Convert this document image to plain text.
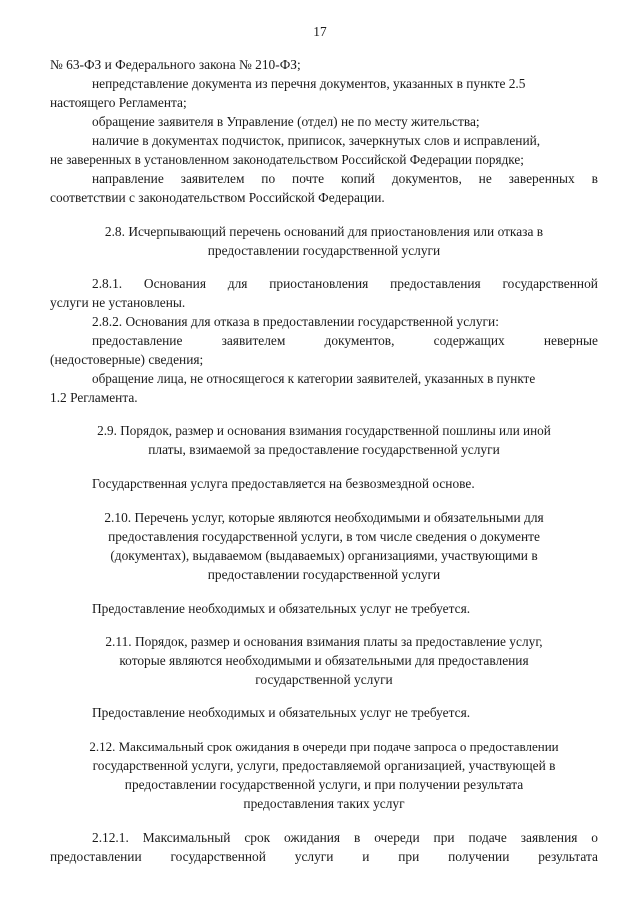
17
№ 63-ФЗ и Федерального закона № 210-ФЗ;
непредставление документа из перечня документов, указанных в пункте 2.5
настоящего Регламента;
обращение заявителя в Управление (отдел) не по месту жительства;
наличие в документах подчисток, приписок, зачеркнутых слов и исправлений,
не заверенных в установленном законодательством Российской Федерации порядке;
направление заявителем по почте копий документов, не заверенных в
соответствии с законодательством Российской Федерации.
2.8. Исчерпывающий перечень оснований для приостановления или отказа в
предоставлении государственной услуги
2.8.1. Основания для приостановления предоставления государственной
услуги не установлены.
2.8.2. Основания для отказа в предоставлении государственной услуги:
предоставление	заявителем	документов,	содержащих	неверные
(недостоверные) сведения;
обращение лица, не относящегося к категории заявителей, указанных в пункте
1.2 Регламента.
2.9. Порядок, размер и основания взимания государственной пошлины или иной
платы, взимаемой за предоставление государственной услуги
Государственная услуга предоставляется на безвозмездной основе.
2.10. Перечень услуг, которые являются необходимыми и обязательными для
предоставления государственной услуги, в том числе сведения о документе
(документах), выдаваемом (выдаваемых) организациями, участвующими в
предоставлении государственной услуги
Предоставление необходимых и обязательных услуг не требуется.
2.11. Порядок, размер и основания взимания платы за предоставление услуг,
которые являются необходимыми и обязательными для предоставления
государственной услуги
Предоставление необходимых и обязательных услуг не требуется.
2.12. Максимальный срок ожидания в очереди при подаче запроса о предоставлении
государственной услуги, услуги, предоставляемой организацией, участвующей в
предоставлении государственной услуги, и при получении результата
предоставления таких услуг
2.12.1. Максимальный срок ожидания в очереди при подаче заявления о
предоставлении государственной услуги и при получении результата
